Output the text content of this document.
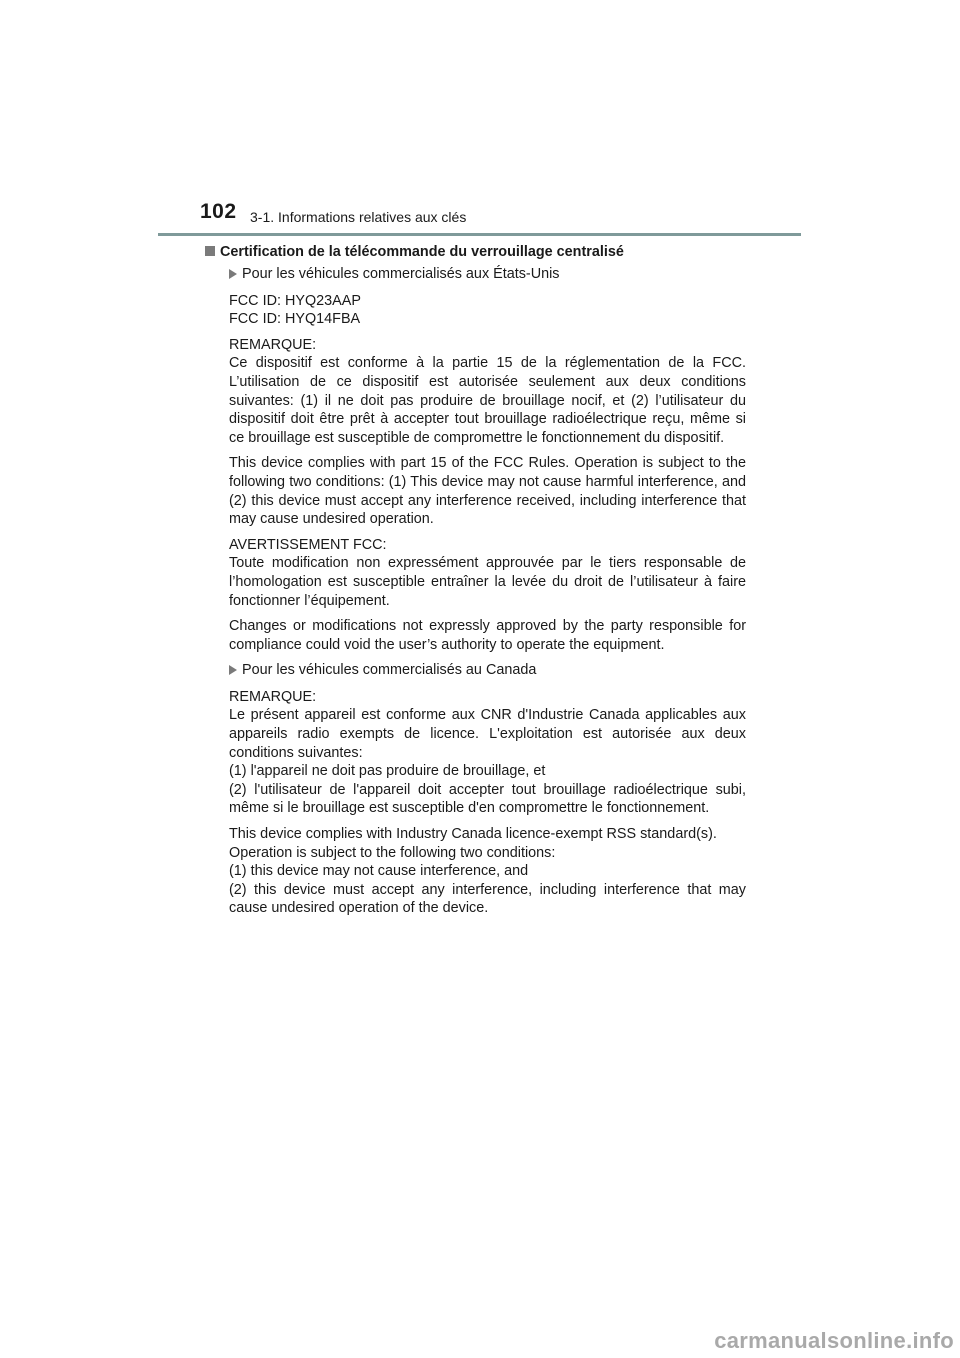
102 3-1. Informations relatives aux clés
Certification de la télécommande du verrouillage centralisé
Pour les véhicules commercialisés aux États-Unis
FCC ID: HYQ23AAP
FCC ID: HYQ14FBA
REMARQUE:
Ce dispositif est conforme à la partie 15 de la réglementation de la FCC. L’utilisation de ce dispositif est autorisée seulement aux deux conditions suivantes: (1) il ne doit pas produire de brouillage nocif, et (2) l’utilisateur du dispositif doit être prêt à accepter tout brouillage radioélectrique reçu, même si ce brouillage est susceptible de compromettre le fonctionnement du dispositif.
This device complies with part 15 of the FCC Rules. Operation is subject to the following two conditions: (1) This device may not cause harmful interference, and (2) this device must accept any interference received, including interference that may cause undesired operation.
AVERTISSEMENT FCC:
Toute modification non expressément approuvée par le tiers responsable de l’homologation est susceptible entraîner la levée du droit de l’utilisateur à faire fonctionner l’équipement.
Changes or modifications not expressly approved by the party responsible for compliance could void the user’s authority to operate the equipment.
Pour les véhicules commercialisés au Canada
REMARQUE:
Le présent appareil est conforme aux CNR d'Industrie Canada applicables aux appareils radio exempts de licence. L'exploitation est autorisée aux deux conditions suivantes:
(1) l'appareil ne doit pas produire de brouillage, et
(2) l'utilisateur de l'appareil doit accepter tout brouillage radioélectrique subi, même si le brouillage est susceptible d'en compromettre le fonctionnement.
This device complies with Industry Canada licence-exempt RSS standard(s).
Operation is subject to the following two conditions:
(1) this device may not cause interference, and
(2) this device must accept any interference, including interference that may cause undesired operation of the device.
carmanualsonline.info
